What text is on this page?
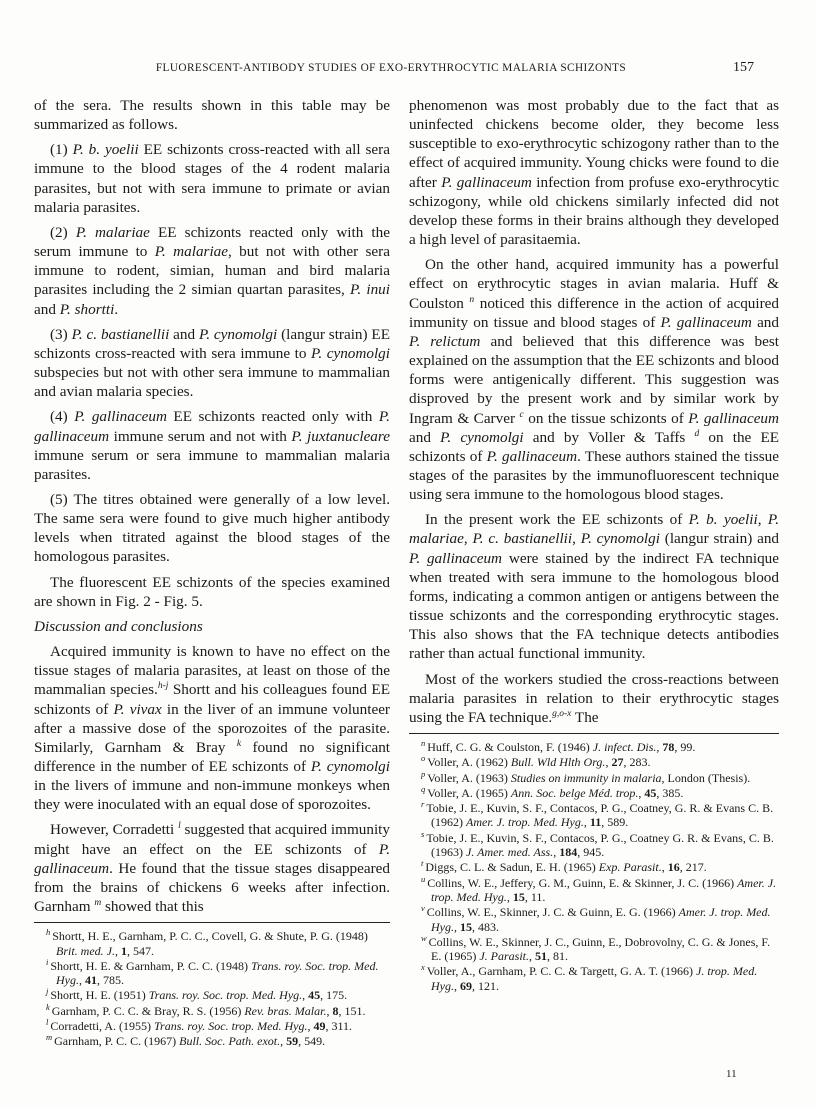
FLUORESCENT-ANTIBODY STUDIES OF EXO-ERYTHROCYTIC MALARIA SCHIZONTS	157

of the sera. The results shown in this table may be summarized as follows.

(1) P. b. yoelii EE schizonts cross-reacted with all sera immune to the blood stages of the 4 rodent malaria parasites, but not with sera immune to primate or avian malaria parasites.

(2) P. malariae EE schizonts reacted only with the serum immune to P. malariae, but not with other sera immune to rodent, simian, human and bird malaria parasites including the 2 simian quartan parasites, P. inui and P. shortti.

(3) P. c. bastianellii and P. cynomolgi (langur strain) EE schizonts cross-reacted with sera immune to P. cynomolgi subspecies but not with other sera immune to mammalian and avian malaria species.

(4) P. gallinaceum EE schizonts reacted only with P. gallinaceum immune serum and not with P. juxtanucleare immune serum or sera immune to mammalian malaria parasites.

(5) The titres obtained were generally of a low level. The same sera were found to give much higher antibody levels when titrated against the blood stages of the homologous parasites.

The fluorescent EE schizonts of the species examined are shown in Fig. 2 - Fig. 5.

Discussion and conclusions

Acquired immunity is known to have no effect on the tissue stages of malaria parasites, at least on those of the mammalian species.$^{h-j}$ Shortt and his colleagues found EE schizonts of P. vivax in the liver of an immune volunteer after a massive dose of the sporozoites of the parasite. Similarly, Garnham & Bray $^k$ found no significant difference in the number of EE schizonts of P. cynomolgi in the livers of immune and non-immune monkeys when they were inoculated with an equal dose of sporozoites.

However, Corradetti $^l$ suggested that acquired immunity might have an effect on the EE schizonts of P. gallinaceum. He found that the tissue stages disappeared from the brains of chickens 6 weeks after infection. Garnham $^m$ showed that this

$^h$ Shortt, H. E., Garnham, P. C. C., Covell, G. & Shute, P. G. (1948) Brit. med. J., 1, 547.
$^i$ Shortt, H. E. & Garnham, P. C. C. (1948) Trans. roy. Soc. trop. Med. Hyg., 41, 785.
$^j$ Shortt, H. E. (1951) Trans. roy. Soc. trop. Med. Hyg., 45, 175.
$^k$ Garnham, P. C. C. & Bray, R. S. (1956) Rev. bras. Malar., 8, 151.
$^l$ Corradetti, A. (1955) Trans. roy. Soc. trop. Med. Hyg., 49, 311.
$^m$ Garnham, P. C. C. (1967) Bull. Soc. Path. exot., 59, 549.

phenomenon was most probably due to the fact that as uninfected chickens become older, they become less susceptible to exo-erythrocytic schizogony rather than to the effect of acquired immunity. Young chicks were found to die after P. gallinaceum infection from profuse exo-erythrocytic schizogony, while old chickens similarly infected did not develop these forms in their brains although they developed a high level of parasitaemia.

On the other hand, acquired immunity has a powerful effect on erythrocytic stages in avian malaria. Huff & Coulston $^n$ noticed this difference in the action of acquired immunity on tissue and blood stages of P. gallinaceum and P. relictum and believed that this difference was best explained on the assumption that the EE schizonts and blood forms were antigenically different. This suggestion was disproved by the present work and by similar work by Ingram & Carver $^c$ on the tissue schizonts of P. gallinaceum and P. cynomolgi and by Voller & Taffs $^d$ on the EE schizonts of P. gallinaceum. These authors stained the tissue stages of the parasites by the immunofluorescent technique using sera immune to the homologous blood stages.

In the present work the EE schizonts of P. b. yoelii, P. malariae, P. c. bastianellii, P. cynomolgi (langur strain) and P. gallinaceum were stained by the indirect FA technique when treated with sera immune to the homologous blood forms, indicating a common antigen or antigens between the tissue schizonts and the corresponding erythrocytic stages. This also shows that the FA technique detects antibodies rather than actual functional immunity.

Most of the workers studied the cross-reactions between malaria parasites in relation to their erythrocytic stages using the FA technique.$^{g,o-x}$ The

$^n$ Huff, C. G. & Coulston, F. (1946) J. infect. Dis., 78, 99.
$^o$ Voller, A. (1962) Bull. Wld Hlth Org., 27, 283.
$^p$ Voller, A. (1963) Studies on immunity in malaria, London (Thesis).
$^q$ Voller, A. (1965) Ann. Soc. belge Méd. trop., 45, 385.
$^r$ Tobie, J. E., Kuvin, S. F., Contacos, P. G., Coatney, G. R. & Evans C. B. (1962) Amer. J. trop. Med. Hyg., 11, 589.
$^s$ Tobie, J. E., Kuvin, S. F., Contacos, P. G., Coatney G. R. & Evans, C. B. (1963) J. Amer. med. Ass., 184, 945.
$^t$ Diggs, C. L. & Sadun, E. H. (1965) Exp. Parasit., 16, 217.
$^u$ Collins, W. E., Jeffery, G. M., Guinn, E. & Skinner, J. C. (1966) Amer. J. trop. Med. Hyg., 15, 11.
$^v$ Collins, W. E., Skinner, J. C. & Guinn, E. G. (1966) Amer. J. trop. Med. Hyg., 15, 483.
$^w$ Collins, W. E., Skinner, J. C., Guinn, E., Dobrovolny, C. G. & Jones, F. E. (1965) J. Parasit., 51, 81.
$^x$ Voller, A., Garnham, P. C. C. & Targett, G. A. T. (1966) J. trop. Med. Hyg., 69, 121.
11
